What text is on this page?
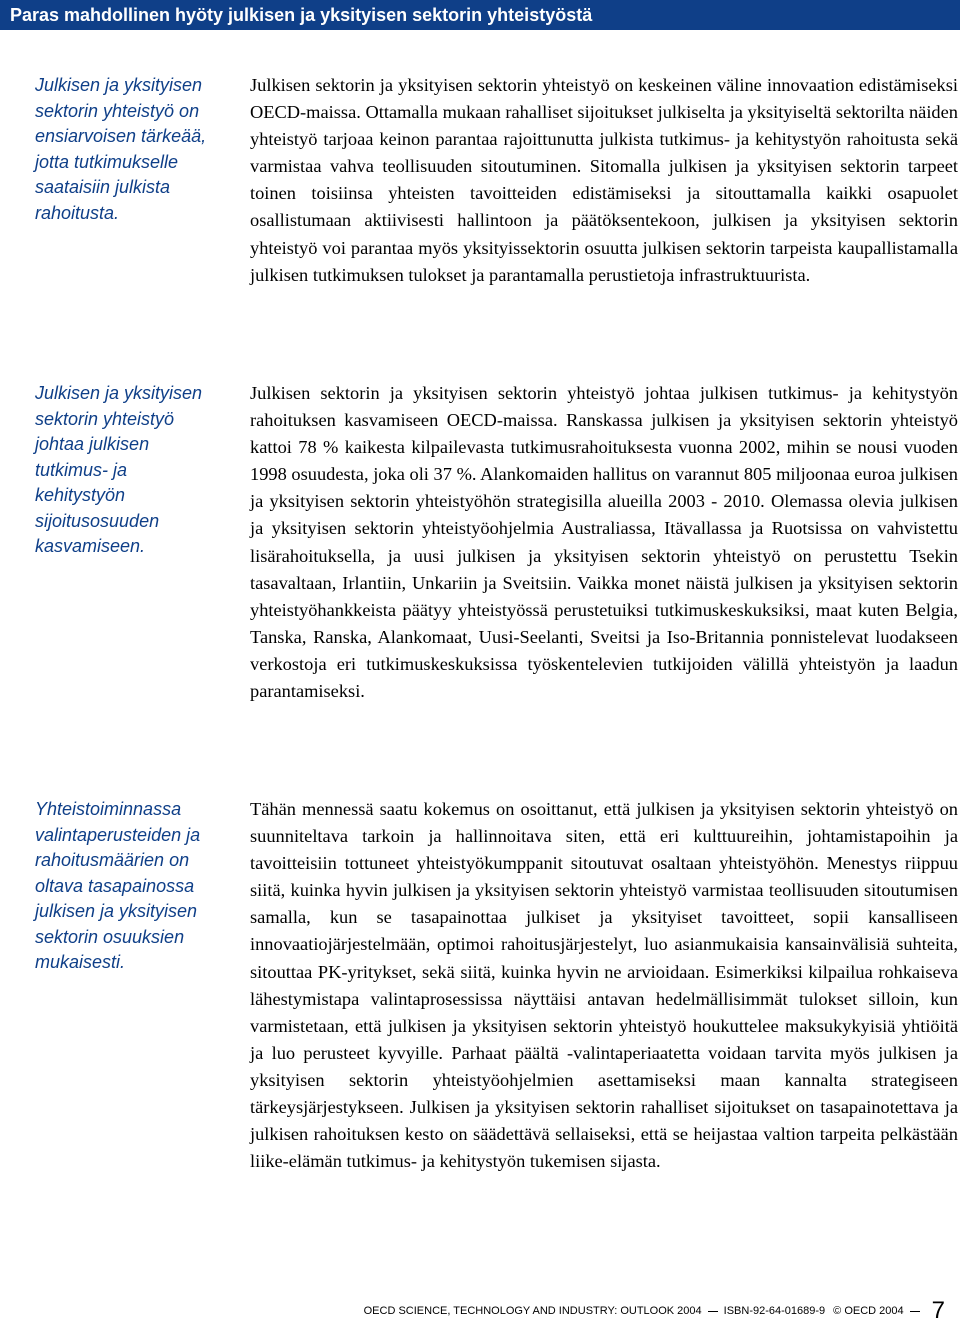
Paras mahdollinen hyöty julkisen ja yksityisen sektorin yhteistyöstä
Julkisen ja yksityisen sektorin yhteistyö on ensiarvoisen tärkeää, jotta tutkimukselle saataisiin julkista rahoitusta.

Julkisen sektorin ja yksityisen sektorin yhteistyö on keskeinen väline innovaation edistämiseksi OECD-maissa. Ottamalla mukaan rahalliset sijoitukset julkiselta ja yksityiseltä sektorilta näiden yhteistyö tarjoaa keinon parantaa rajoittunutta julkista tutkimus- ja kehitystyön rahoitusta sekä varmistaa vahva teollisuuden sitoutuminen. Sitomalla julkisen ja yksityisen sektorin tarpeet toinen toisiinsa yhteisten tavoitteiden edistämiseksi ja sitouttamalla kaikki osapuolet osallistumaan aktiivisesti hallintoon ja päätöksentekoon, julkisen ja yksityisen sektorin yhteistyö voi parantaa myös yksityissektorin osuutta julkisen sektorin tarpeista kaupallistamalla julkisen tutkimuksen tulokset ja parantamalla perustietoja infrastruktuurista.

Julkisen ja yksityisen sektorin yhteistyö johtaa julkisen tutkimus- ja kehitystyön sijoitusosuuden kasvamiseen.

Julkisen sektorin ja yksityisen sektorin yhteistyö johtaa julkisen tutkimus- ja kehitystyön rahoituksen kasvamiseen OECD-maissa. Ranskassa julkisen ja yksityisen sektorin yhteistyö kattoi 78 % kaikesta kilpailevasta tutkimusrahoituksesta vuonna 2002, mihin se nousi vuoden 1998 osuudesta, joka oli 37 %. Alankomaiden hallitus on varannut 805 miljoonaa euroa julkisen ja yksityisen sektorin yhteistyöhön strategisilla alueilla 2003 - 2010. Olemassa olevia julkisen ja yksityisen sektorin yhteistyöohjelmia Australiassa, Itävallassa ja Ruotsissa on vahvistettu lisärahoituksella, ja uusi julkisen ja yksityisen sektorin yhteistyö on perustettu Tsekin tasavaltaan, Irlantiin, Unkariin ja Sveitsiin. Vaikka monet näistä julkisen ja yksityisen sektorin yhteistyöhankkeista päätyy yhteistyössä perustetuiksi tutkimuskeskuksiksi, maat kuten Belgia, Tanska, Ranska, Alankomaat, Uusi-Seelanti, Sveitsi ja Iso-Britannia ponnistelevat luodakseen verkostoja eri tutkimuskeskuksissa työskentelevien tutkijoiden välillä yhteistyön ja laadun parantamiseksi.

Yhteistoiminnassa valintaperusteiden ja rahoitusmäärien on oltava tasapainossa julkisen ja yksityisen sektorin osuuksien mukaisesti.

Tähän mennessä saatu kokemus on osoittanut, että julkisen ja yksityisen sektorin yhteistyö on suunniteltava tarkoin ja hallinnoitava siten, että eri kulttuureihin, johtamistapoihin ja tavoitteisiin tottuneet yhteistyökumppanit sitoutuvat osaltaan yhteistyöhön. Menestys riippuu siitä, kuinka hyvin julkisen ja yksityisen sektorin yhteistyö varmistaa teollisuuden sitoutumisen samalla, kun se tasapainottaa julkiset ja yksityiset tavoitteet, sopii kansalliseen innovaatiojärjestelmään, optimoi rahoitusjärjestelyt, luo asianmukaisia kansainvälisiä suhteita, sitouttaa PK-yritykset, sekä siitä, kuinka hyvin ne arvioidaan. Esimerkiksi kilpailua rohkaiseva lähestymistapa valintaprosessissa näyttäisi antavan hedelmällisimmät tulokset silloin, kun varmistetaan, että julkisen ja yksityisen sektorin yhteistyö houkuttelee maksukykyisiä yhtiöitä ja luo perusteet kyvyille. Parhaat päältä -valintaperiaatetta voidaan tarvita myös julkisen ja yksityisen sektorin yhteistyöohjelmien asettamiseksi maan kannalta strategiseen tärkeysjärjestykseen. Julkisen ja yksityisen sektorin rahalliset sijoitukset on tasapainotettava ja julkisen rahoituksen kesto on säädettävä sellaiseksi, että se heijastaa valtion tarpeita pelkästään liike-elämän tutkimus- ja kehitystyön tukemisen sijasta.

OECD SCIENCE, TECHNOLOGY AND INDUSTRY: OUTLOOK 2004 ISBN-92-64-01689-9 © OECD 2004 7
